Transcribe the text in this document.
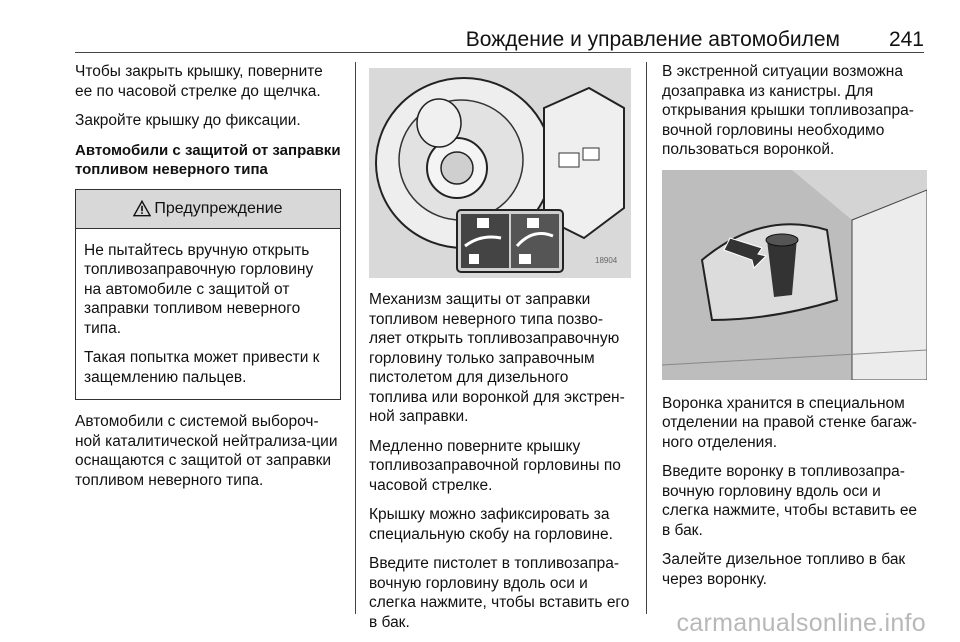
Вождение и управление автомобилем 241

Чтобы закрыть крышку, поверните ее по часовой стрелке до щелчка.

Закройте крышку до фиксации.

Автомобили с защитой от заправки топливом неверного типа
Предупреждение

Не пытайтесь вручную открыть топливозаправочную горловину на автомобиле с защитой от заправки топливом неверного типа.

Такая попытка может привести к защемлению пальцев.

Автомобили с системой выбороч-ной каталитической нейтрализа-ции оснащаются с защитой от заправки топливом неверного типа.

18904

Механизм защиты от заправки топливом неверного типа позво-ляет открыть топливозаправочную горловину только заправочным пистолетом для дизельного топлива или воронкой для экстрен-ной заправки.

Медленно поверните крышку топливозаправочной горловины по часовой стрелке.

Крышку можно зафиксировать за специальную скобу на горловине.

Введите пистолет в топливозапра-вочную горловину вдоль оси и слегка нажмите, чтобы вставить его в бак.

В экстренной ситуации возможна дозаправка из канистры. Для открывания крышки топливозапра-вочной горловины необходимо пользоваться воронкой.

Воронка хранится в специальном отделении на правой стенке багаж-ного отделения.

Введите воронку в топливозапра-вочную горловину вдоль оси и слегка нажмите, чтобы вставить ее в бак.

Залейте дизельное топливо в бак через воронку.

carmanualsonline.info
